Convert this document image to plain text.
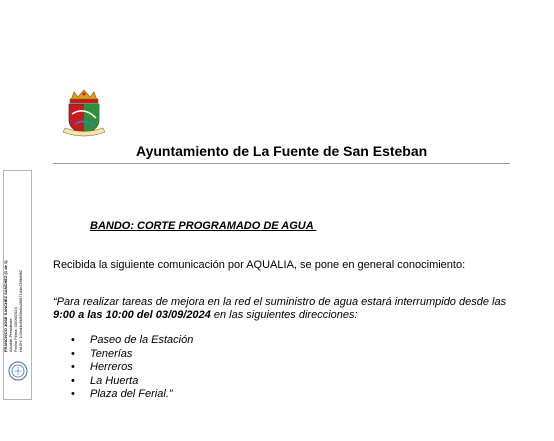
Ayuntamiento de La Fuente de San Esteban
FRANCISCO JOSE SANCHEZ SANCHEZ (1 de 1) Alcalde-Presidente
Fecha Firma: 03/09/2024
HASH: 1c5ed4b5b898e6a4f0971d4e256b8f82
BANDO: CORTE PROGRAMADO DE AGUA
Recibida la siguiente comunicación por AQUALIA, se pone en general conocimiento:
“Para realizar tareas de mejora en la red el suministro de agua estará interrumpido desde las 9:00 a las 10:00 del 03/09/2024 en las siguientes direcciones:
• Paseo de la Estación
• Tenerías
• Herreros
• La Huerta
• Plaza del Ferial.”
